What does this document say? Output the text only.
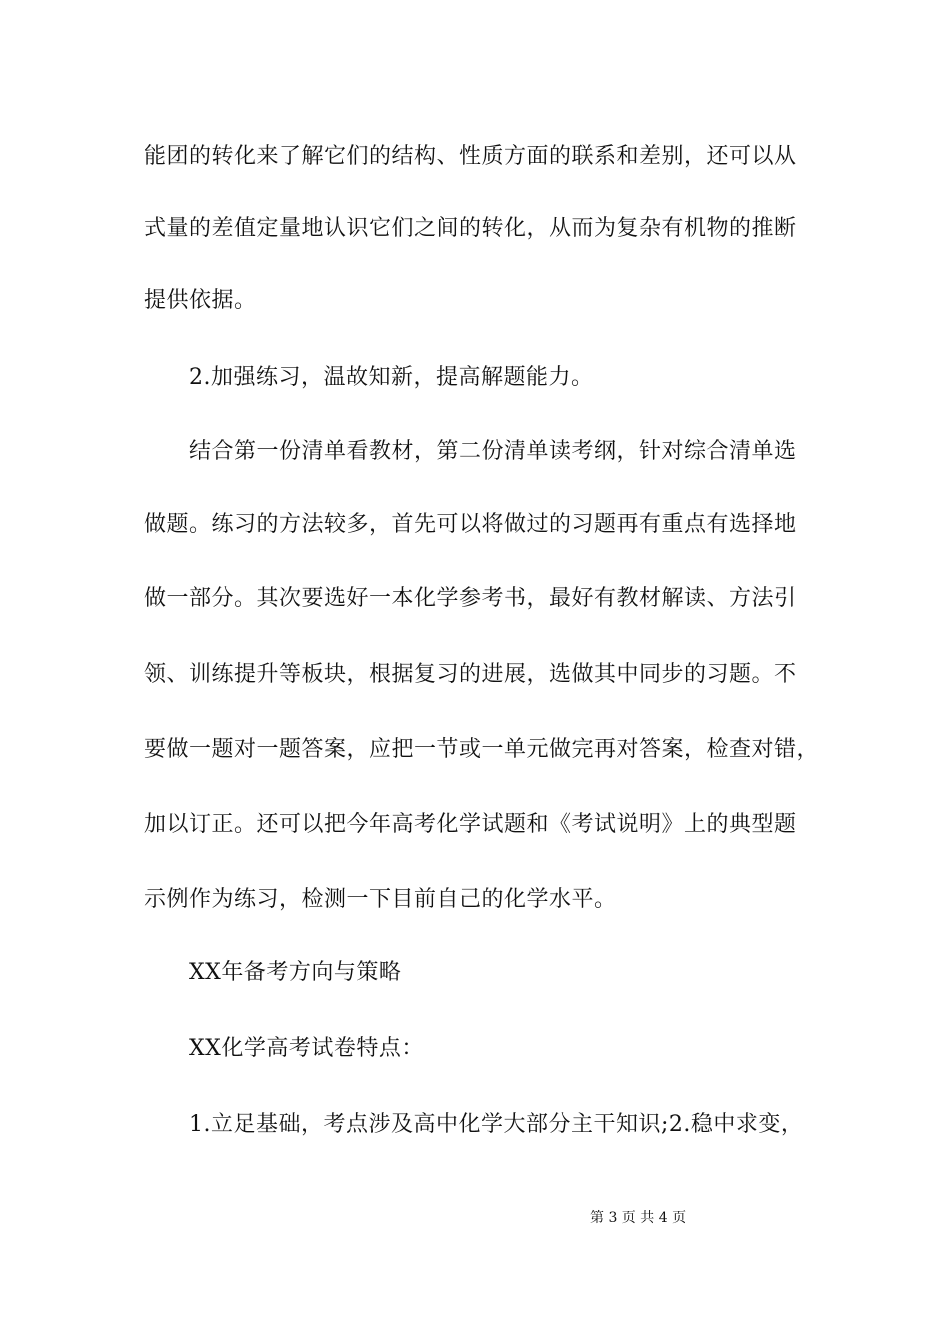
能团的转化来了解它们的结构、性质方面的联系和差别，还可以从
式量的差值定量地认识它们之间的转化，从而为复杂有机物的推断
提供依据。
2.加强练习，温故知新，提高解题能力。
结合第一份清单看教材，第二份清单读考纲，针对综合清单选
做题。练习的方法较多，首先可以将做过的习题再有重点有选择地
做一部分。其次要选好一本化学参考书，最好有教材解读、方法引
领、训练提升等板块，根据复习的进展，选做其中同步的习题。不
要做一题对一题答案，应把一节或一单元做完再对答案，检查对错，
加以订正。还可以把今年高考化学试题和《考试说明》上的典型题
示例作为练习，检测一下目前自己的化学水平。
XX年备考方向与策略
XX化学高考试卷特点：
1.立足基础，考点涉及高中化学大部分主干知识;2.稳中求变，
第 3 页 共 4 页
